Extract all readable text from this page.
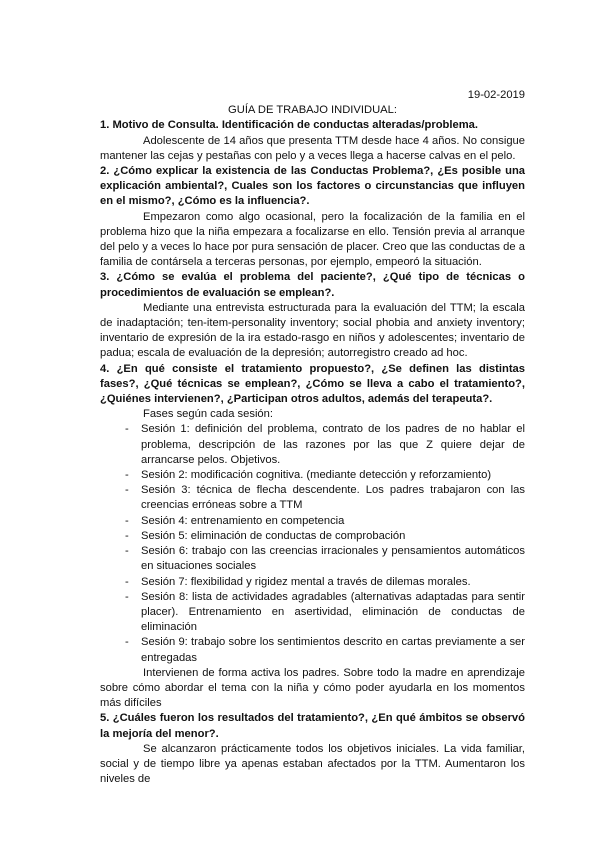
19-02-2019
GUÍA DE TRABAJO INDIVIDUAL:

1. Motivo de Consulta. Identificación de conductas alteradas/problema.

Adolescente de 14 años que presenta TTM desde hace 4 años. No consigue mantener las cejas y pestañas con pelo y a veces llega a hacerse calvas en el pelo.

2. ¿Cómo explicar la existencia de las Conductas Problema?, ¿Es posible una explicación ambiental?, Cuales son los factores o circunstancias que influyen en el mismo?, ¿Cómo es la influencia?.

Empezaron como algo ocasional, pero la focalización de la familia en el problema hizo que la niña empezara a focalizarse en ello. Tensión previa al arranque del pelo y a veces lo hace por pura sensación de placer. Creo que las conductas de a familia de contársela a terceras personas, por ejemplo, empeoró la situación.

3. ¿Cómo se evalúa el problema del paciente?, ¿Qué tipo de técnicas o procedimientos de evaluación se emplean?.

Mediante una entrevista estructurada para la evaluación del TTM; la escala de inadaptación; ten-item-personality inventory; social phobia and anxiety inventory; inventario de expresión de la ira estado-rasgo en niños y adolescentes; inventario de padua; escala de evaluación de la depresión; autorregistro creado ad hoc.

4. ¿En qué consiste el tratamiento propuesto?, ¿Se definen las distintas fases?, ¿Qué técnicas se emplean?, ¿Cómo se lleva a cabo el tratamiento?, ¿Quiénes intervienen?, ¿Participan otros adultos, además del terapeuta?.

Fases según cada sesión:

- Sesión 1: definición del problema, contrato de los padres de no hablar el problema, descripción de las razones por las que Z quiere dejar de arrancarse pelos. Objetivos.
- Sesión 2: modificación cognitiva. (mediante detección y reforzamiento)
- Sesión 3: técnica de flecha descendente. Los padres trabajaron con las creencias erróneas sobre a TTM
- Sesión 4: entrenamiento en competencia
- Sesión 5: eliminación de conductas de comprobación
- Sesión 6: trabajo con las creencias irracionales y pensamientos automáticos en situaciones sociales
- Sesión 7: flexibilidad y rigidez mental a través de dilemas morales.
- Sesión 8: lista de actividades agradables (alternativas adaptadas para sentir placer). Entrenamiento en asertividad, eliminación de conductas de eliminación
- Sesión 9: trabajo sobre los sentimientos descrito en cartas previamente a ser entregadas

Intervienen de forma activa los padres. Sobre todo la madre en aprendizaje sobre cómo abordar el tema con la niña y cómo poder ayudarla en los momentos más difíciles

5. ¿Cuáles fueron los resultados del tratamiento?, ¿En qué ámbitos se observó la mejoría del menor?.

Se alcanzaron prácticamente todos los objetivos iniciales. La vida familiar, social y de tiempo libre ya apenas estaban afectados por la TTM. Aumentaron los niveles de
